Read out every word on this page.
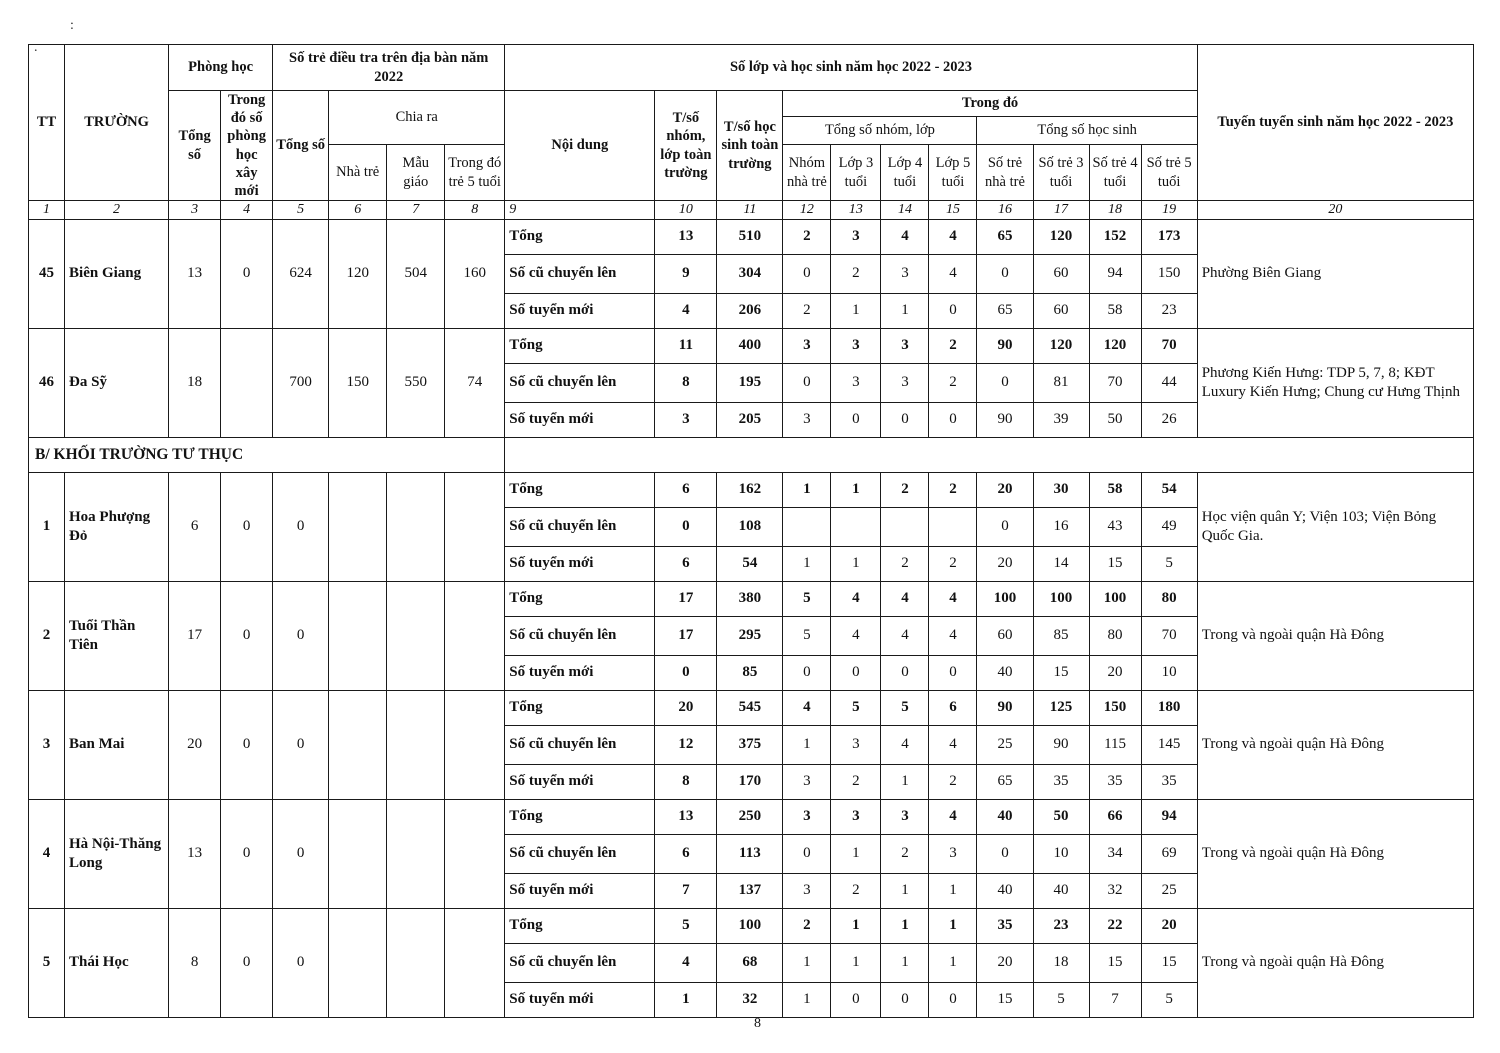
:
.
TT	TRƯỜNG	Phòng học		Số trẻ điều tra trên địa bàn năm 2022				Số lớp và học sinh năm học 2022 - 2023											Tuyến tuyển sinh năm học 2022 - 2023
		Tổng số	Trong đó số phòng học xây mới	Tổng số	Chia ra			Nội dung	T/số nhóm, lớp toàn trường	T/số học sinh toàn trường	Trong đó								
											Tổng số nhóm, lớp				Tổng số học sinh				
					Nhà trẻ	Mẫu giáo	Trong đó trẻ 5 tuổi				Nhóm nhà trẻ	Lớp 3 tuổi	Lớp 4 tuổi	Lớp 5 tuổi	Số trẻ nhà trẻ	Số trẻ 3 tuổi	Số trẻ 4 tuổi	Số trẻ 5 tuổi	
1	2	3	4	5	6	7	8	9	10	11	12	13	14	15	16	17	18	19	20
45	Biên Giang	13	0	624	120	504	160	Tổng	13	510	2	3	4	4	65	120	152	173	Phường Biên Giang
								Số cũ chuyển lên	9	304	0	2	3	4	0	60	94	150	
								Số tuyển mới	4	206	2	1	1	0	65	60	58	23	
46	Đa Sỹ	18		700	150	550	74	Tổng	11	400	3	3	3	2	90	120	120	70	Phương Kiến Hưng: TDP 5, 7, 8; KĐT Luxury Kiến Hưng; Chung cư Hưng Thịnh
								Số cũ chuyển lên	8	195	0	3	3	2	0	81	70	44	
								Số tuyển mới	3	205	3	0	0	0	90	39	50	26	
B/ KHỐI TRƯỜNG TƯ THỤC																			
1	Hoa Phượng Đỏ	6	0	0				Tổng	6	162	1	1	2	2	20	30	58	54	Học viện quân Y; Viện 103; Viện Bỏng Quốc Gia.
								Số cũ chuyển lên	0	108					0	16	43	49	
								Số tuyển mới	6	54	1	1	2	2	20	14	15	5	
2	Tuổi Thần Tiên	17	0	0				Tổng	17	380	5	4	4	4	100	100	100	80	Trong và ngoài quận Hà Đông
								Số cũ chuyển lên	17	295	5	4	4	4	60	85	80	70	
								Số tuyển mới	0	85	0	0	0	0	40	15	20	10	
3	Ban Mai	20	0	0				Tổng	20	545	4	5	5	6	90	125	150	180	Trong và ngoài quận Hà Đông
								Số cũ chuyển lên	12	375	1	3	4	4	25	90	115	145	
								Số tuyển mới	8	170	3	2	1	2	65	35	35	35	
4	Hà Nội-Thăng Long	13	0	0				Tổng	13	250	3	3	3	4	40	50	66	94	Trong và ngoài quận Hà Đông
								Số cũ chuyển lên	6	113	0	1	2	3	0	10	34	69	
								Số tuyển mới	7	137	3	2	1	1	40	40	32	25	
5	Thái Học	8	0	0				Tổng	5	100	2	1	1	1	35	23	22	20	Trong và ngoài quận Hà Đông
								Số cũ chuyển lên	4	68	1	1	1	1	20	18	15	15	
								Số tuyển mới	1	32	1	0	0	0	15	5	7	5	
8
